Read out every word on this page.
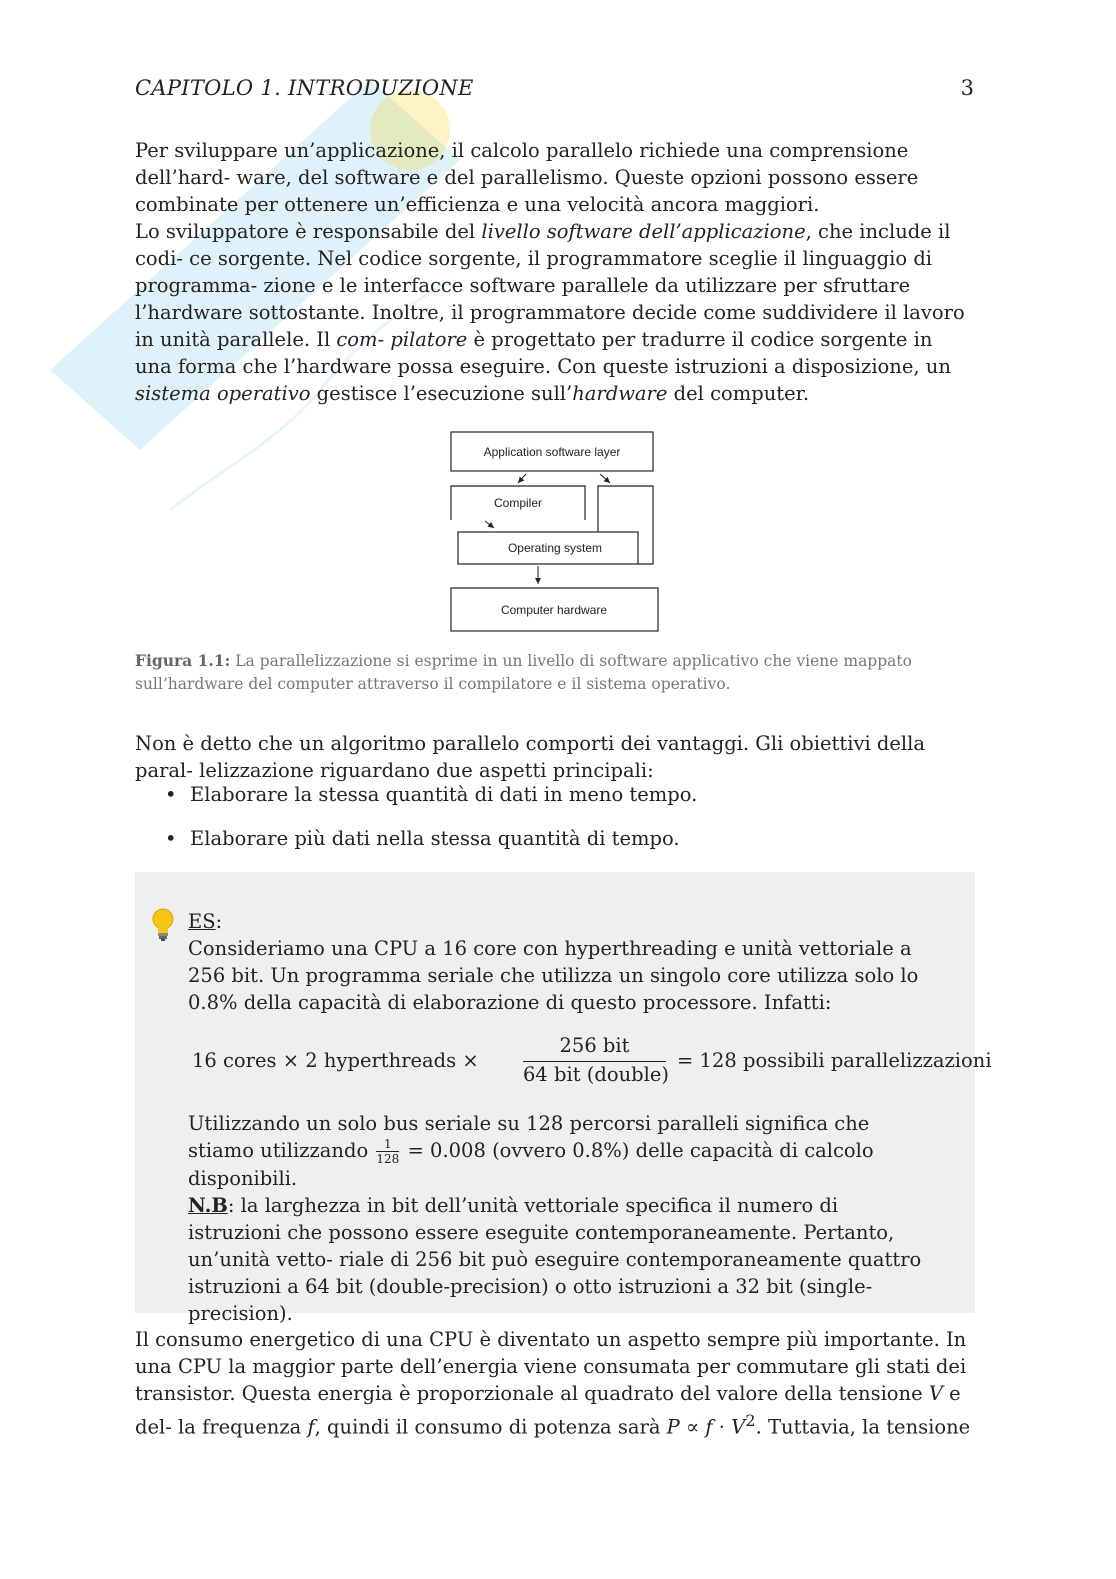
CAPITOLO 1. INTRODUZIONE	3

Per sviluppare un’applicazione, il calcolo parallelo richiede una comprensione dell’hard- ware, del software e del parallelismo. Queste opzioni possono essere combinate per ottenere un’efficienza e una velocità ancora maggiori.

Lo sviluppatore è responsabile del livello software dell’applicazione, che include il codi- ce sorgente. Nel codice sorgente, il programmatore sceglie il linguaggio di programma- zione e le interfacce software parallele da utilizzare per sfruttare l’hardware sottostante. Inoltre, il programmatore decide come suddividere il lavoro in unità parallele. Il com- pilatore è progettato per tradurre il codice sorgente in una forma che l’hardware possa eseguire. Con queste istruzioni a disposizione, un sistema operativo gestisce l’esecuzione sull’hardware del computer.

Application software layer
Compiler
Operating system
Computer hardware
Figura 1.1: La parallelizzazione si esprime in un livello di software applicativo che viene mappato sull’hardware del computer attraverso il compilatore e il sistema operativo.

Non è detto che un algoritmo parallelo comporti dei vantaggi. Gli obiettivi della paral- lelizzazione riguardano due aspetti principali:

• Elaborare la stessa quantità di dati in meno tempo.
• Elaborare più dati nella stessa quantità di tempo.

ES:

Consideriamo una CPU a 16 core con hyperthreading e unità vettoriale a 256 bit. Un programma seriale che utilizza un singolo core utilizza solo lo 0.8% della capacità di elaborazione di questo processore. Infatti:

16 cores × 2 hyperthreads ×
256 bit
64 bit (double)
= 128 possibili parallelizzazioni

Utilizzando un solo bus seriale su 128 percorsi paralleli significa che stiamo utilizzando $\frac{1}{128} = 0.008$ (ovvero 0.8%) delle capacità di calcolo disponibili.

N.B: la larghezza in bit dell’unità vettoriale specifica il numero di istruzioni che possono essere eseguite contemporaneamente. Pertanto, un’unità vetto- riale di 256 bit può eseguire contemporaneamente quattro istruzioni a 64 bit (double-precision) o otto istruzioni a 32 bit (single-precision).

Il consumo energetico di una CPU è diventato un aspetto sempre più importante. In una CPU la maggior parte dell’energia viene consumata per commutare gli stati dei transistor. Questa energia è proporzionale al quadrato del valore della tensione V e del- la frequenza f, quindi il consumo di potenza sarà $P \propto f \cdot V^2$. Tuttavia, la tensione
